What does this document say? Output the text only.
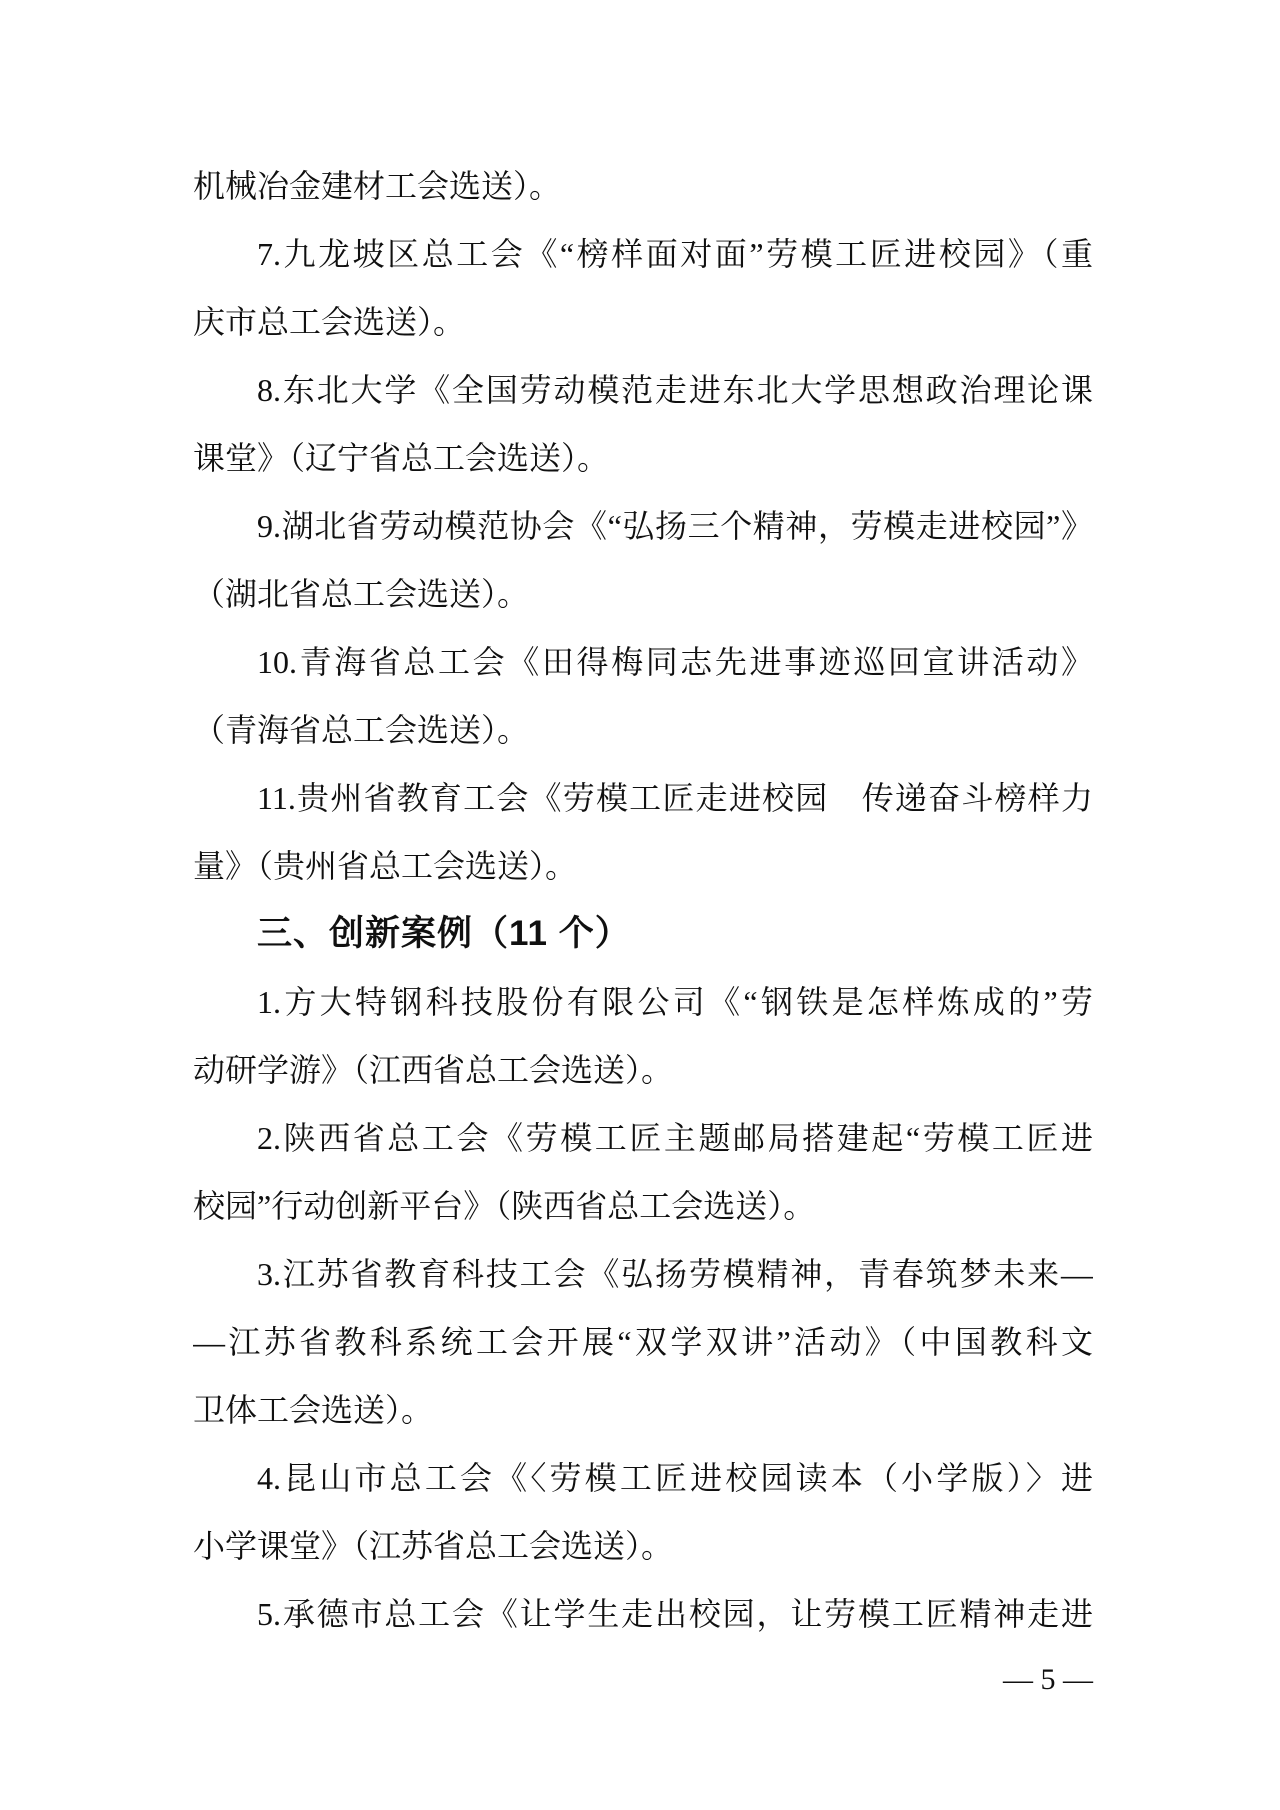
机械冶金建材工会选送）。
7.九龙坡区总工会《“榜样面对面”劳模工匠进校园》（重
庆市总工会选送）。
8.东北大学《全国劳动模范走进东北大学思想政治理论课
课堂》（辽宁省总工会选送）。
9.湖北省劳动模范协会《“弘扬三个精神，劳模走进校园”》
（湖北省总工会选送）。
10.青海省总工会《田得梅同志先进事迹巡回宣讲活动》
（青海省总工会选送）。
11.贵州省教育工会《劳模工匠走进校园　传递奋斗榜样力
量》（贵州省总工会选送）。
三、创新案例（11 个）
1.方大特钢科技股份有限公司《“钢铁是怎样炼成的”劳
动研学游》（江西省总工会选送）。
2.陕西省总工会《劳模工匠主题邮局搭建起“劳模工匠进
校园”行动创新平台》（陕西省总工会选送）。
3.江苏省教育科技工会《弘扬劳模精神，青春筑梦未来—
—江苏省教科系统工会开展“双学双讲”活动》（中国教科文
卫体工会选送）。
4.昆山市总工会《〈劳模工匠进校园读本（小学版）〉进
小学课堂》（江苏省总工会选送）。
5.承德市总工会《让学生走出校园，让劳模工匠精神走进
— 5 —
